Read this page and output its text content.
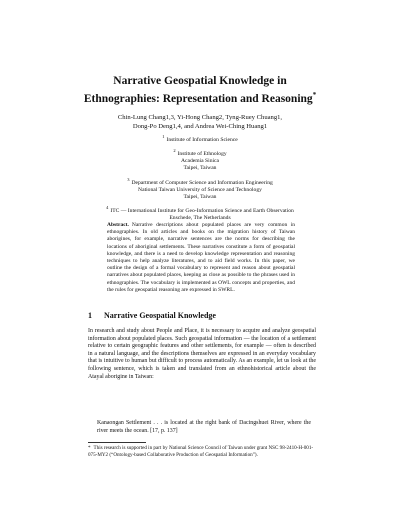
Narrative Geospatial Knowledge in
Ethnographies: Representation and Reasoning*
Chin-Lung Chang1,3, Yi-Hong Chang2, Tyng-Ruey Chuang1,
Dong-Po Deng1,4, and Andrea Wei-Ching Huang1
$^1$Institute of Information Science
$^2$Institute of Ethnology
Academia Sinica
Taipei, Taiwan
$^3$Department of Computer Science and Information Engineering
National Taiwan University of Science and Technology
Taipei, Taiwan
$^4$ITC — International Institute for Geo-Information Science and Earth Observation
Enschede, The Netherlands
Abstract. Narrative descriptions about populated places are very common in ethnographies. In old articles and books on the migration history of Taiwan aborigines, for example, narrative sentences are the norms for describing the locations of aboriginal settlements. These narratives constitute a form of geospatial knowledge, and there is a need to develop knowledge representation and reasoning techniques to help analyze literatures, and to aid field works. In this paper, we outline the design of a formal vocabulary to represent and reason about geospatial narratives about populated places, keeping as close as possible to the phrases used in ethnographies. The vocabulary is implemented as OWL concepts and properties, and the rules for geospatial reasoning are expressed in SWRL.
1 Narrative Geospatial Knowledge
In research and study about People and Place, it is necessary to acquire and analyze geospatial information about populated places. Such geospatial information — the location of a settlement relative to certain geographic features and other settlements, for example — often is described in a natural language, and the descriptions themselves are expressed in an everyday vocabulary that is intuitive to human but difficult to process automatically. As an example, let us look at the following sentence, which is taken and translated from an ethnohistorical article about the Atayal aborigine in Taiwan:
Kanaongan Settlement . . . is located at the right bank of Dacingshuei River, where the river meets the ocean. [17, p. 137]
* This research is supported in part by National Science Council of Taiwan under grant NSC 98-2410-H-001-075-MY2 (“Ontology-based Collaborative Production of Geospatial Information”).
